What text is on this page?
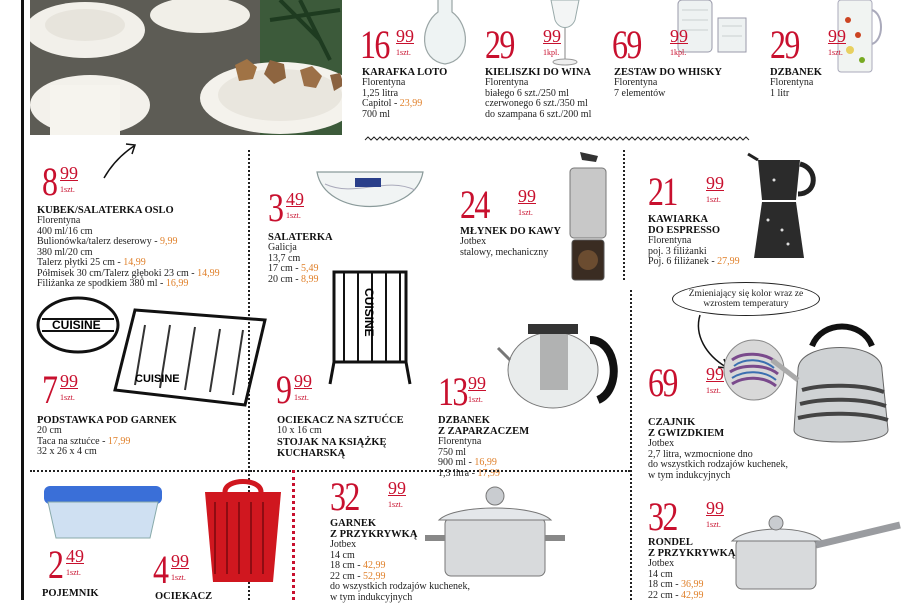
16 99
1szt.
KARAFKA LOTO
Florentyna
1,25 litra
Capitol - 23,99
700 ml
29 99
1kpl.
KIELISZKI DO WINA
Florentyna
białego 6 szt./250 ml
czerwonego 6 szt./350 ml
do szampana 6 szt./200 ml
69 99
1kpl.
ZESTAW DO WHISKY
Florentyna
7 elementów
29 99
1szt.
DZBANEK
Florentyna
1 litr
8 99
1szt.
KUBEK/SALATERKA OSLO
Florentyna
400 ml/16 cm
Bulionówka/talerz deserowy - 9,99
380 ml/20 cm
Talerz płytki 25 cm - 14,99
Półmisek 30 cm/Talerz głęboki 23 cm - 14,99
Filiżanka ze spodkiem 380 ml - 16,99
3 49
1szt.
SALATERKA
Galicja
13,7 cm
17 cm - 5,49
20 cm - 8,99
24 99
1szt.
MŁYNEK DO KAWY
Jotbex
stalowy, mechaniczny
21 99
1szt.
KAWIARKA
DO ESPRESSO
Florentyna
poj. 3 filiżanki
Poj. 6 filiżanek - 27,99
Zmieniający się kolor wraz ze wzrostem temperatury
CUISINE
CUISINE
7 99
1szt.
PODSTAWKA POD GARNEK
20 cm
Taca na sztućce - 17,99
32 x 26 x 4 cm
CUISINE
9 99
1szt.
OCIEKACZ NA SZTUĆCE
10 x 16 cm
STOJAK NA KSIĄŻKĘ
KUCHARSKĄ
13 99
1szt.
DZBANEK
Z ZAPARZACZEM
Florentyna
750 ml
900 ml - 16,99
1,3 litra - 17,99
69 99
1szt.
CZAJNIK
Z GWIZDKIEM
Jotbex
2,7 litra, wzmocnione dno
do wszystkich rodzajów kuchenek,
w tym indukcyjnych
2 49
1szt.
POJEMNIK
4 99
1szt.
OCIEKACZ
32 99
1szt.
GARNEK
Z PRZYKRYWKĄ
Jotbex
14 cm
18 cm - 42,99
22 cm - 52,99
do wszystkich rodzajów kuchenek,
w tym indukcyjnych
32 99
1szt.
RONDEL
Z PRZYKRYWKĄ
Jotbex
14 cm
18 cm - 36,99
22 cm - 42,99
